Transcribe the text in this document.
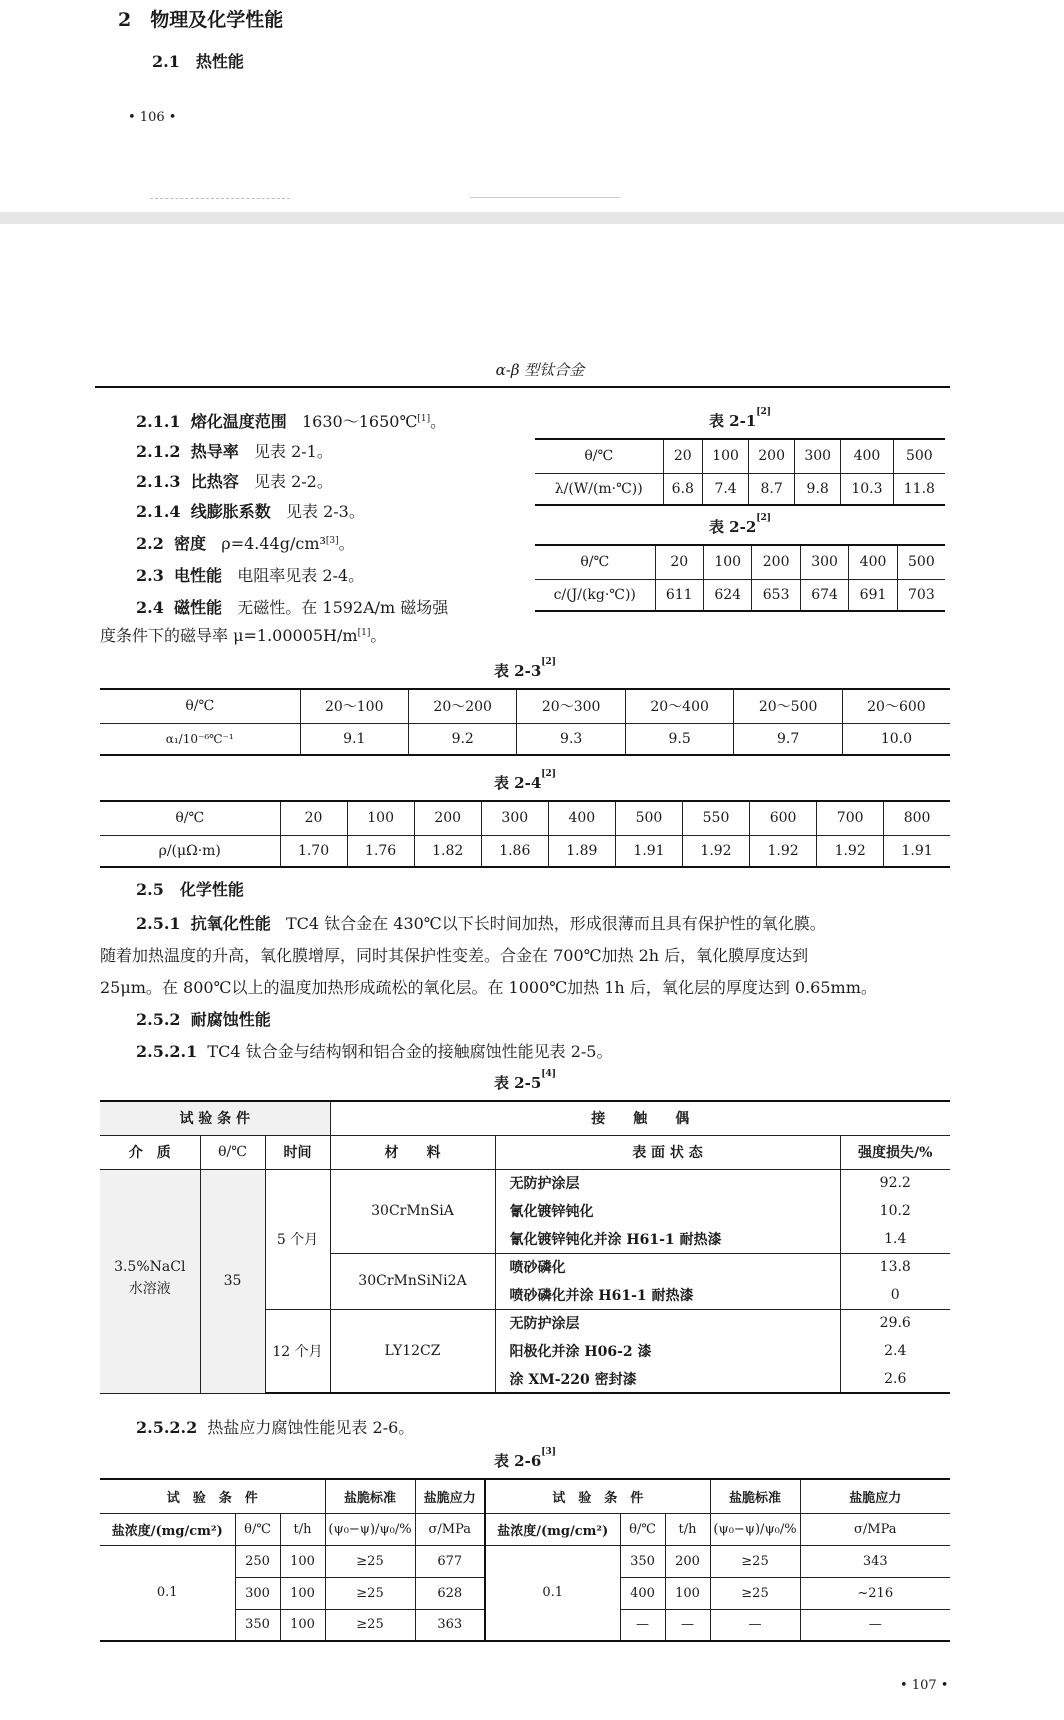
2　物理及化学性能
2.1　热性能
• 106 •
α-β 型钛合金
2.1.1 熔化温度范围 1630～1650℃[1]。
2.1.2 热导率 见表 2-1。
2.1.3 比热容 见表 2-2。
2.1.4 线膨胀系数 见表 2-3。
2.2 密度 ρ=4.44g/cm³[3]。
2.3 电性能 电阻率见表 2-4。
2.4 磁性能 无磁性。在 1592A/m 磁场强
度条件下的磁导率 μ=1.00005H/m[1]。
表 2-1[2]
θ/℃	20	100	200	300	400	500
λ/(W/(m·℃))	6.8	7.4	8.7	9.8	10.3	11.8
表 2-2[2]
θ/℃	20	100	200	300	400	500
c/(J/(kg·℃))	611	624	653	674	691	703
表 2-3[2]
θ/℃	20～100	20～200	20～300	20～400	20～500	20～600
α₁/10⁻⁶℃⁻¹	9.1	9.2	9.3	9.5	9.7	10.0
表 2-4[2]
θ/℃	20	100	200	300	400	500	550	600	700	800
ρ/(μΩ·m)	1.70	1.76	1.82	1.86	1.89	1.91	1.92	1.92	1.92	1.91
2.5　化学性能
2.5.1 抗氧化性能 TC4 钛合金在 430℃以下长时间加热，形成很薄而且具有保护性的氧化膜。
随着加热温度的升高，氧化膜增厚，同时其保护性变差。合金在 700℃加热 2h 后，氧化膜厚度达到
25μm。在 800℃以上的温度加热形成疏松的氧化层。在 1000℃加热 1h 后，氧化层的厚度达到 0.65mm。
2.5.2 耐腐蚀性能
2.5.2.1 TC4 钛合金与结构钢和铝合金的接触腐蚀性能见表 2-5。
表 2-5[4]
试 验 条 件			接　　触　　偶		
介　质	θ/℃	时间	材　　料	表 面 状 态	强度损失/%
3.5%NaCl
水溶液	35	5 个月	30CrMnSiA	无防护涂层	92.2
				氰化镀锌钝化	10.2
				氰化镀锌钝化并涂 H61-1 耐热漆	1.4
			30CrMnSiNi2A	喷砂磷化	13.8
				喷砂磷化并涂 H61-1 耐热漆	0
		12 个月	LY12CZ	无防护涂层	29.6
				阳极化并涂 H06-2 漆	2.4
				涂 XM-220 密封漆	2.6
2.5.2.2 热盐应力腐蚀性能见表 2-6。
表 2-6[3]
试　验　条　件			盐脆标准	盐脆应力	试　验　条　件			盐脆标准	盐脆应力
盐浓度/(mg/cm²)	θ/℃	t/h	(ψ₀−ψ)/ψ₀/%	σ/MPa	盐浓度/(mg/cm²)	θ/℃	t/h	(ψ₀−ψ)/ψ₀/%	σ/MPa
0.1	250	100	≥25	677	0.1	350	200	≥25	343
	300	100	≥25	628		400	100	≥25	~216
	350	100	≥25	363		—	—	—	—
• 107 •
